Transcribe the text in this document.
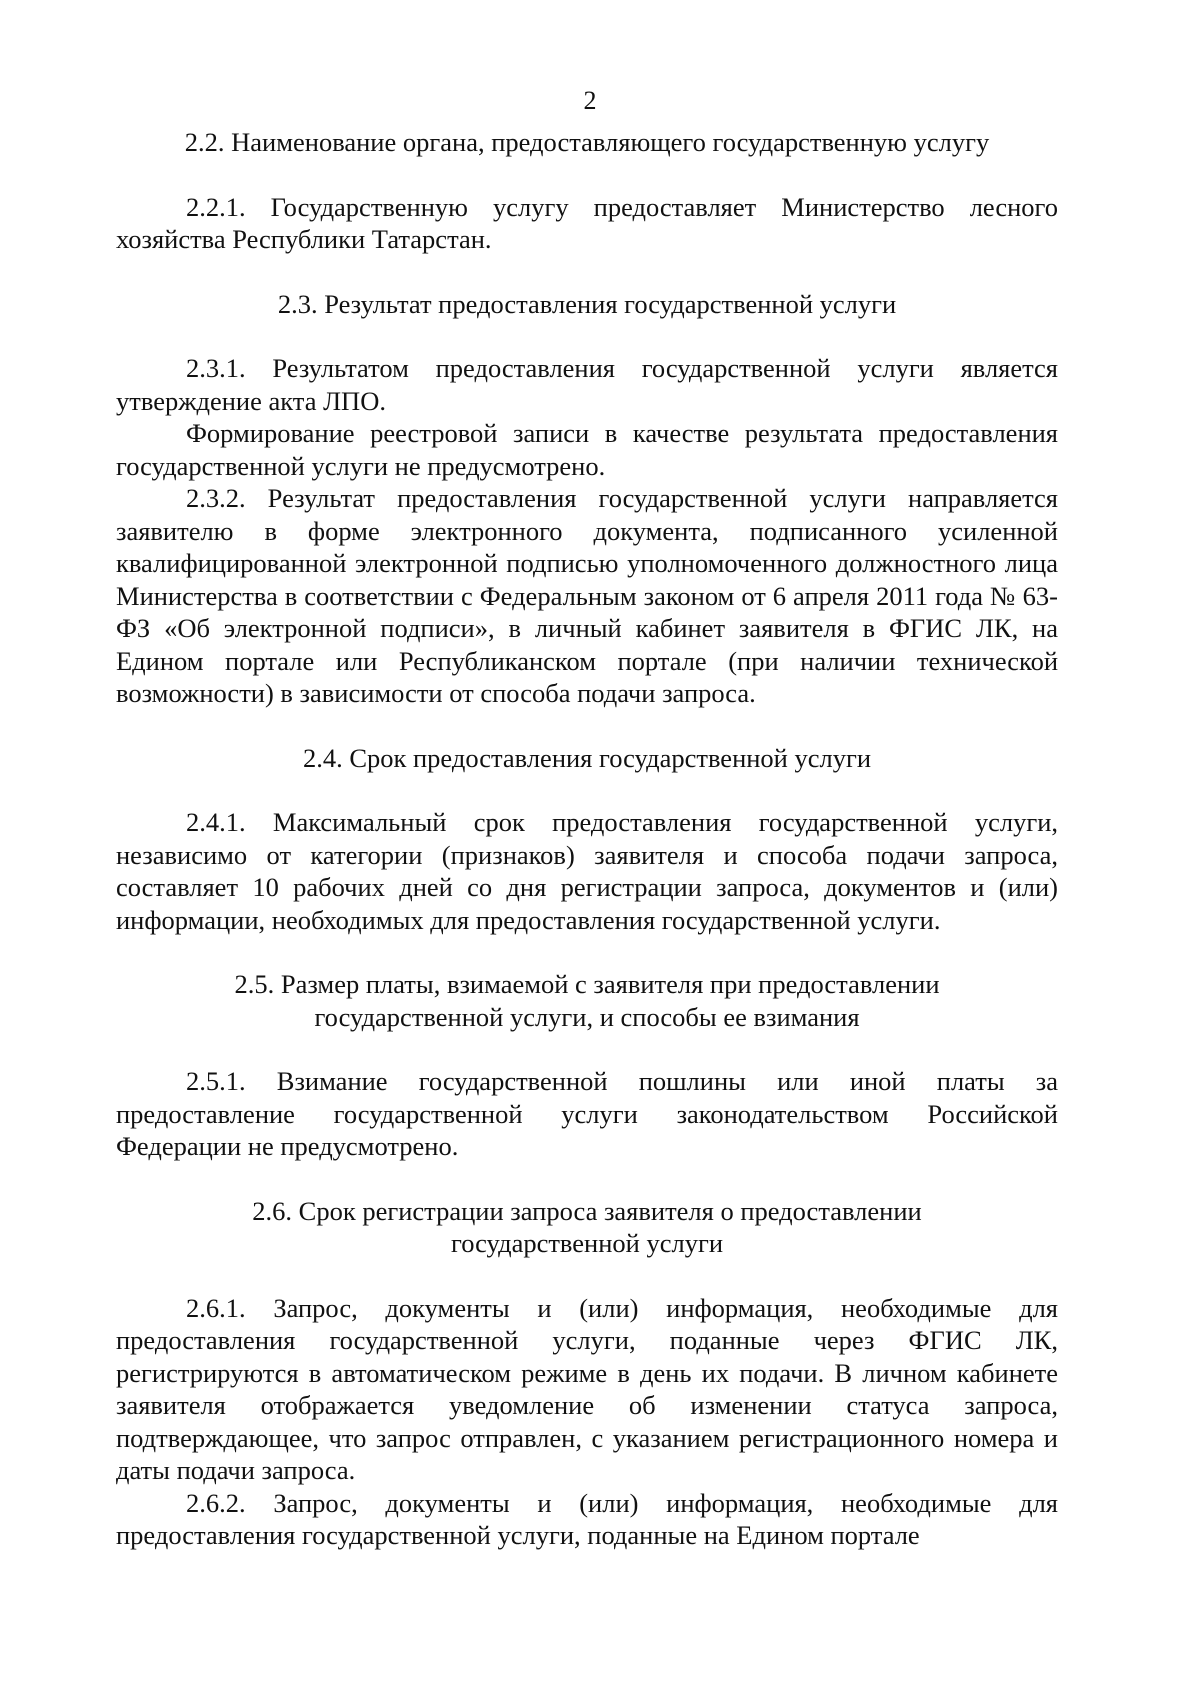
2
2.2. Наименование органа, предоставляющего государственную услугу

2.2.1. Государственную услугу предоставляет Министерство лесного хозяйства Республики Татарстан.

2.3. Результат предоставления государственной услуги

2.3.1. Результатом предоставления государственной услуги является утверждение акта ЛПО.

Формирование реестровой записи в качестве результата предоставления государственной услуги не предусмотрено.

2.3.2. Результат предоставления государственной услуги направляется заявителю в форме электронного документа, подписанного усиленной квалифицированной электронной подписью уполномоченного должностного лица Министерства в соответствии с Федеральным законом от 6 апреля 2011 года № 63-ФЗ «Об электронной подписи», в личный кабинет заявителя в ФГИС ЛК, на Едином портале или Республиканском портале (при наличии технической возможности) в зависимости от способа подачи запроса.

2.4. Срок предоставления государственной услуги

2.4.1. Максимальный срок предоставления государственной услуги, независимо от категории (признаков) заявителя и способа подачи запроса, составляет 10 рабочих дней со дня регистрации запроса, документов и (или) информации, необходимых для предоставления государственной услуги.

2.5. Размер платы, взимаемой с заявителя при предоставлении
государственной услуги, и способы ее взимания

2.5.1. Взимание государственной пошлины или иной платы за предоставление государственной услуги законодательством Российской Федерации не предусмотрено.

2.6. Срок регистрации запроса заявителя о предоставлении
государственной услуги

2.6.1. Запрос, документы и (или) информация, необходимые для предоставления государственной услуги, поданные через ФГИС ЛК, регистрируются в автоматическом режиме в день их подачи. В личном кабинете заявителя отображается уведомление об изменении статуса запроса, подтверждающее, что запрос отправлен, с указанием регистрационного номера и даты подачи запроса.

2.6.2. Запрос, документы и (или) информация, необходимые для предоставления государственной услуги, поданные на Едином портале
